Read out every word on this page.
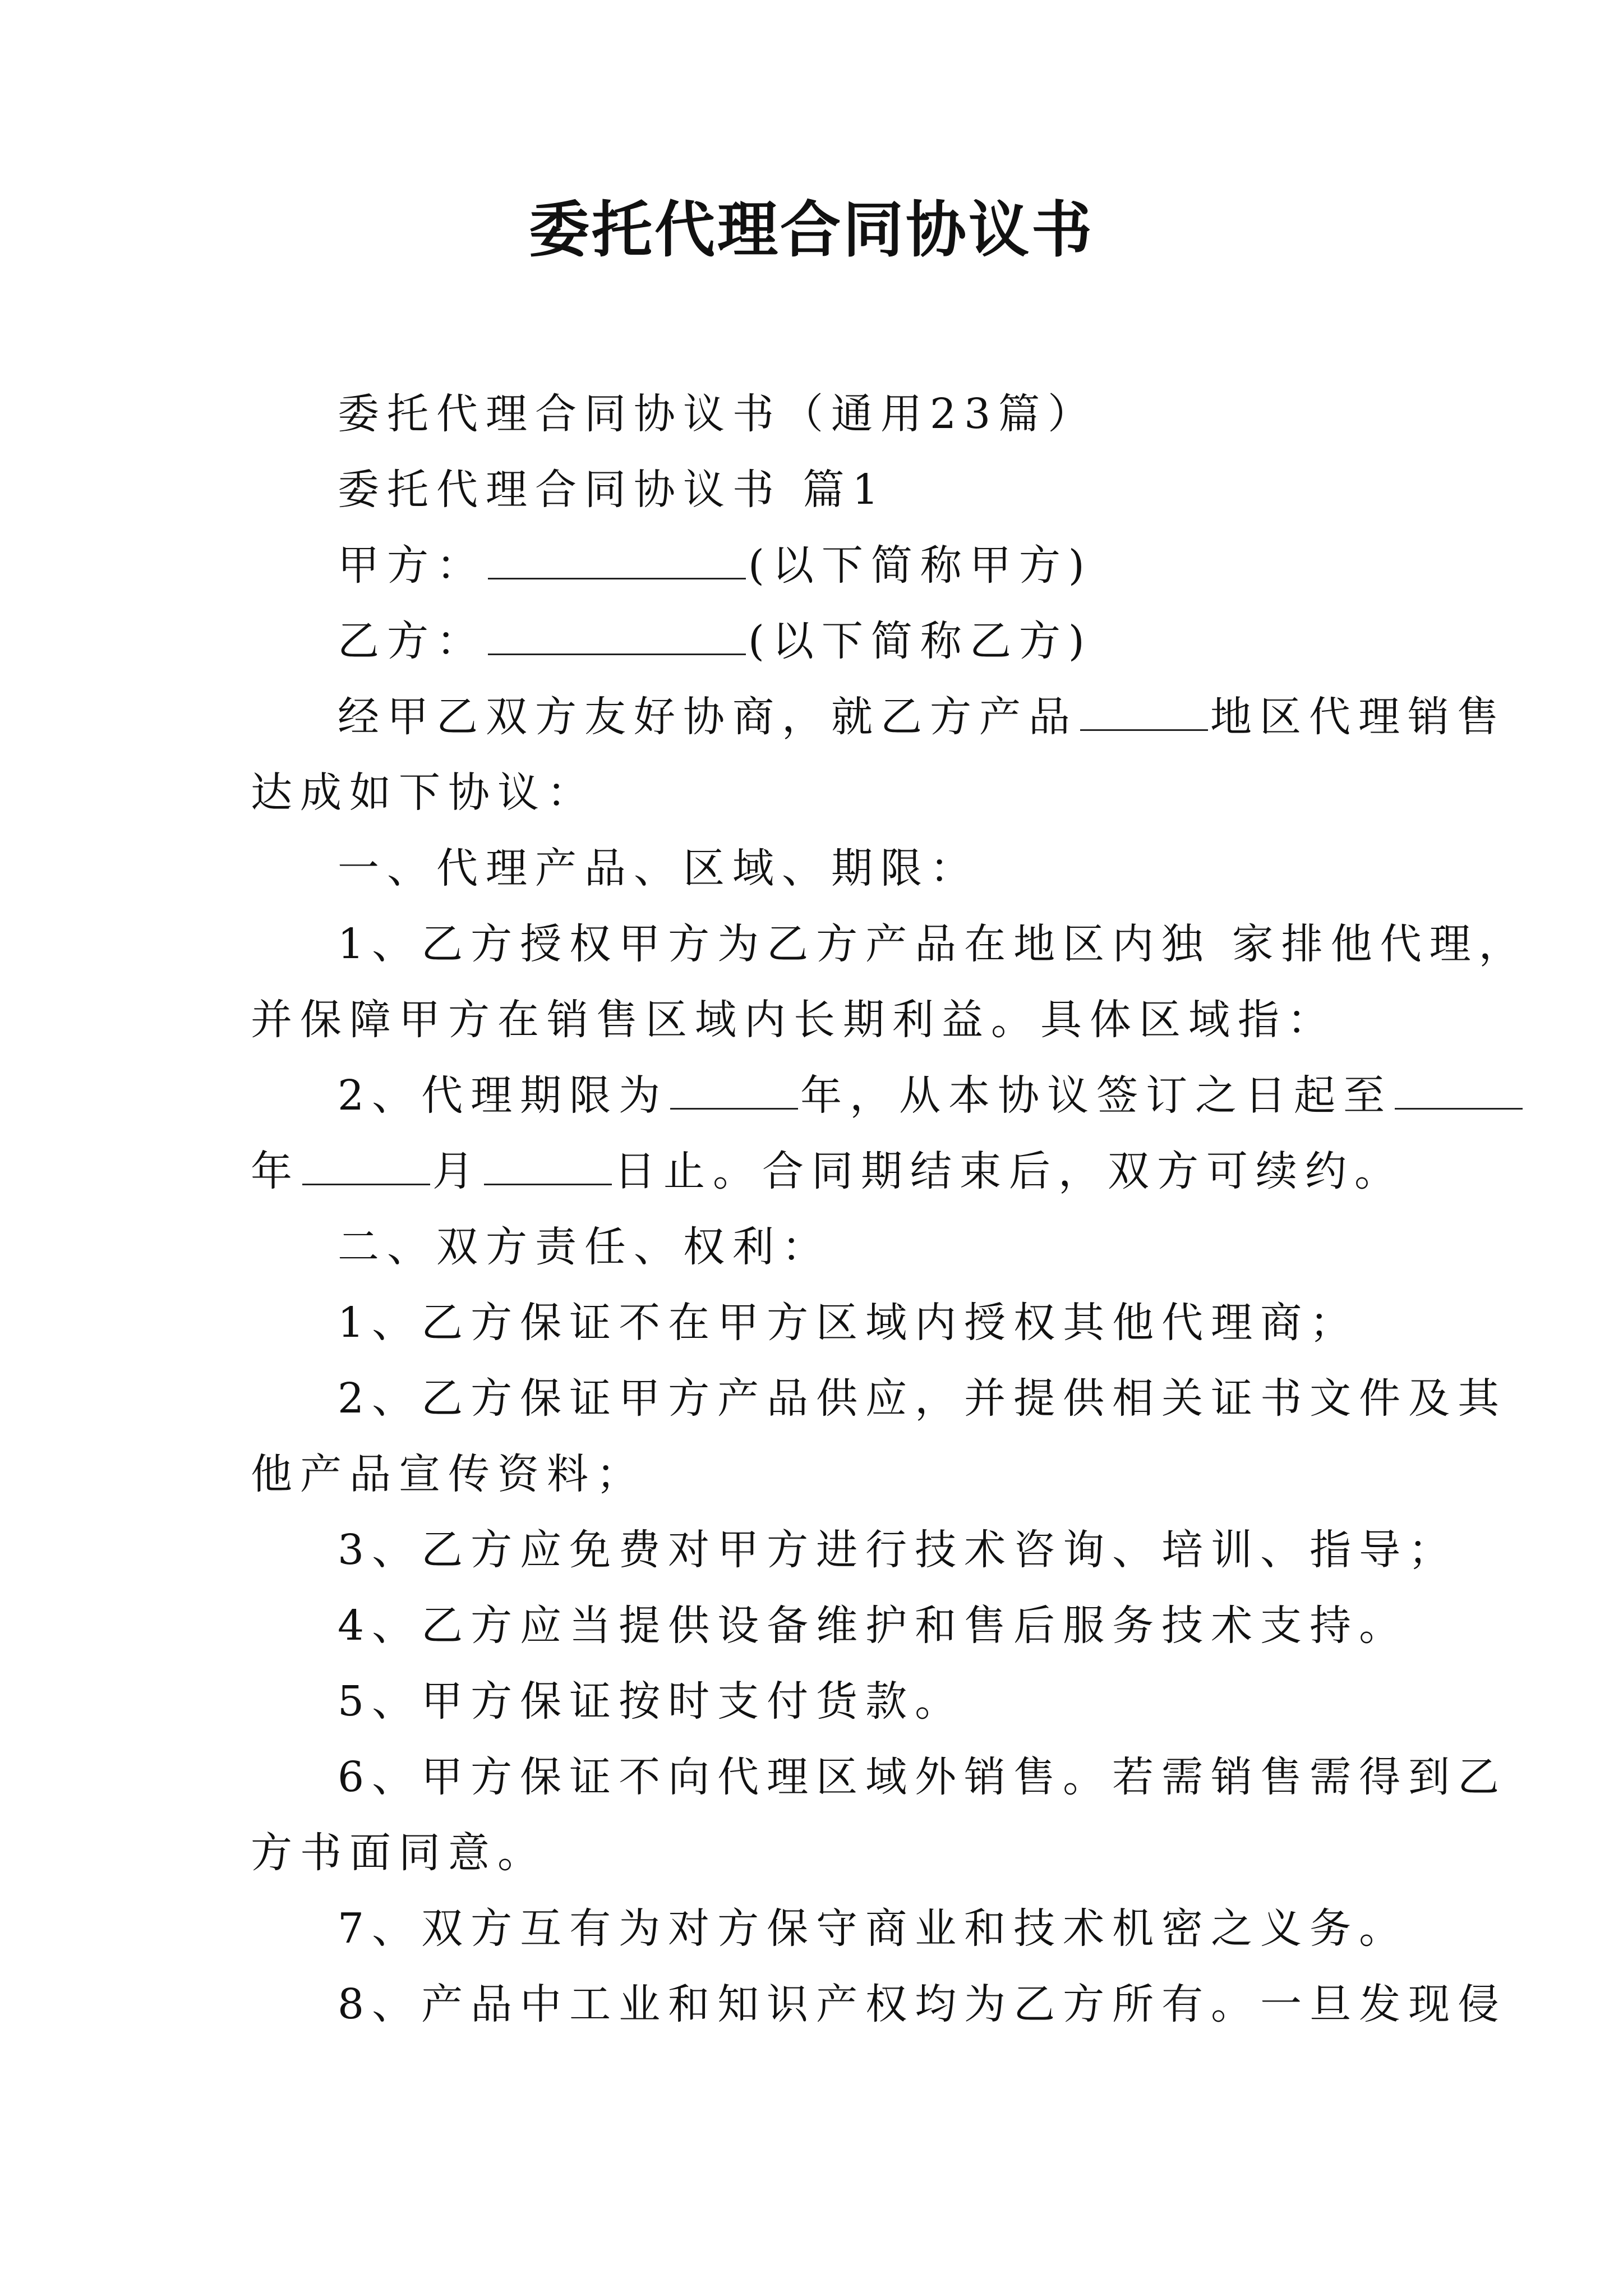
委托代理合同协议书
委托代理合同协议书（通用23篇）
委托代理合同协议书 篇1
甲方：	(以下简称甲方)
乙方：	(以下简称乙方)
经甲乙双方友好协商，就乙方产品	地区代理销售
达成如下协议：
一、代理产品、区域、期限：
1、乙方授权甲方为乙方产品在地区内独 家排他代理，
并保障甲方在销售区域内长期利益。具体区域指：
2、代理期限为	年，从本协议签订之日起至
年	月	日止。合同期结束后，双方可续约。
二、双方责任、权利：
1、乙方保证不在甲方区域内授权其他代理商；
2、乙方保证甲方产品供应，并提供相关证书文件及其
他产品宣传资料；
3、乙方应免费对甲方进行技术咨询、培训、指导；
4、乙方应当提供设备维护和售后服务技术支持。
5、甲方保证按时支付货款。
6、甲方保证不向代理区域外销售。若需销售需得到乙
方书面同意。
7、双方互有为对方保守商业和技术机密之义务。
8、产品中工业和知识产权均为乙方所有。一旦发现侵
